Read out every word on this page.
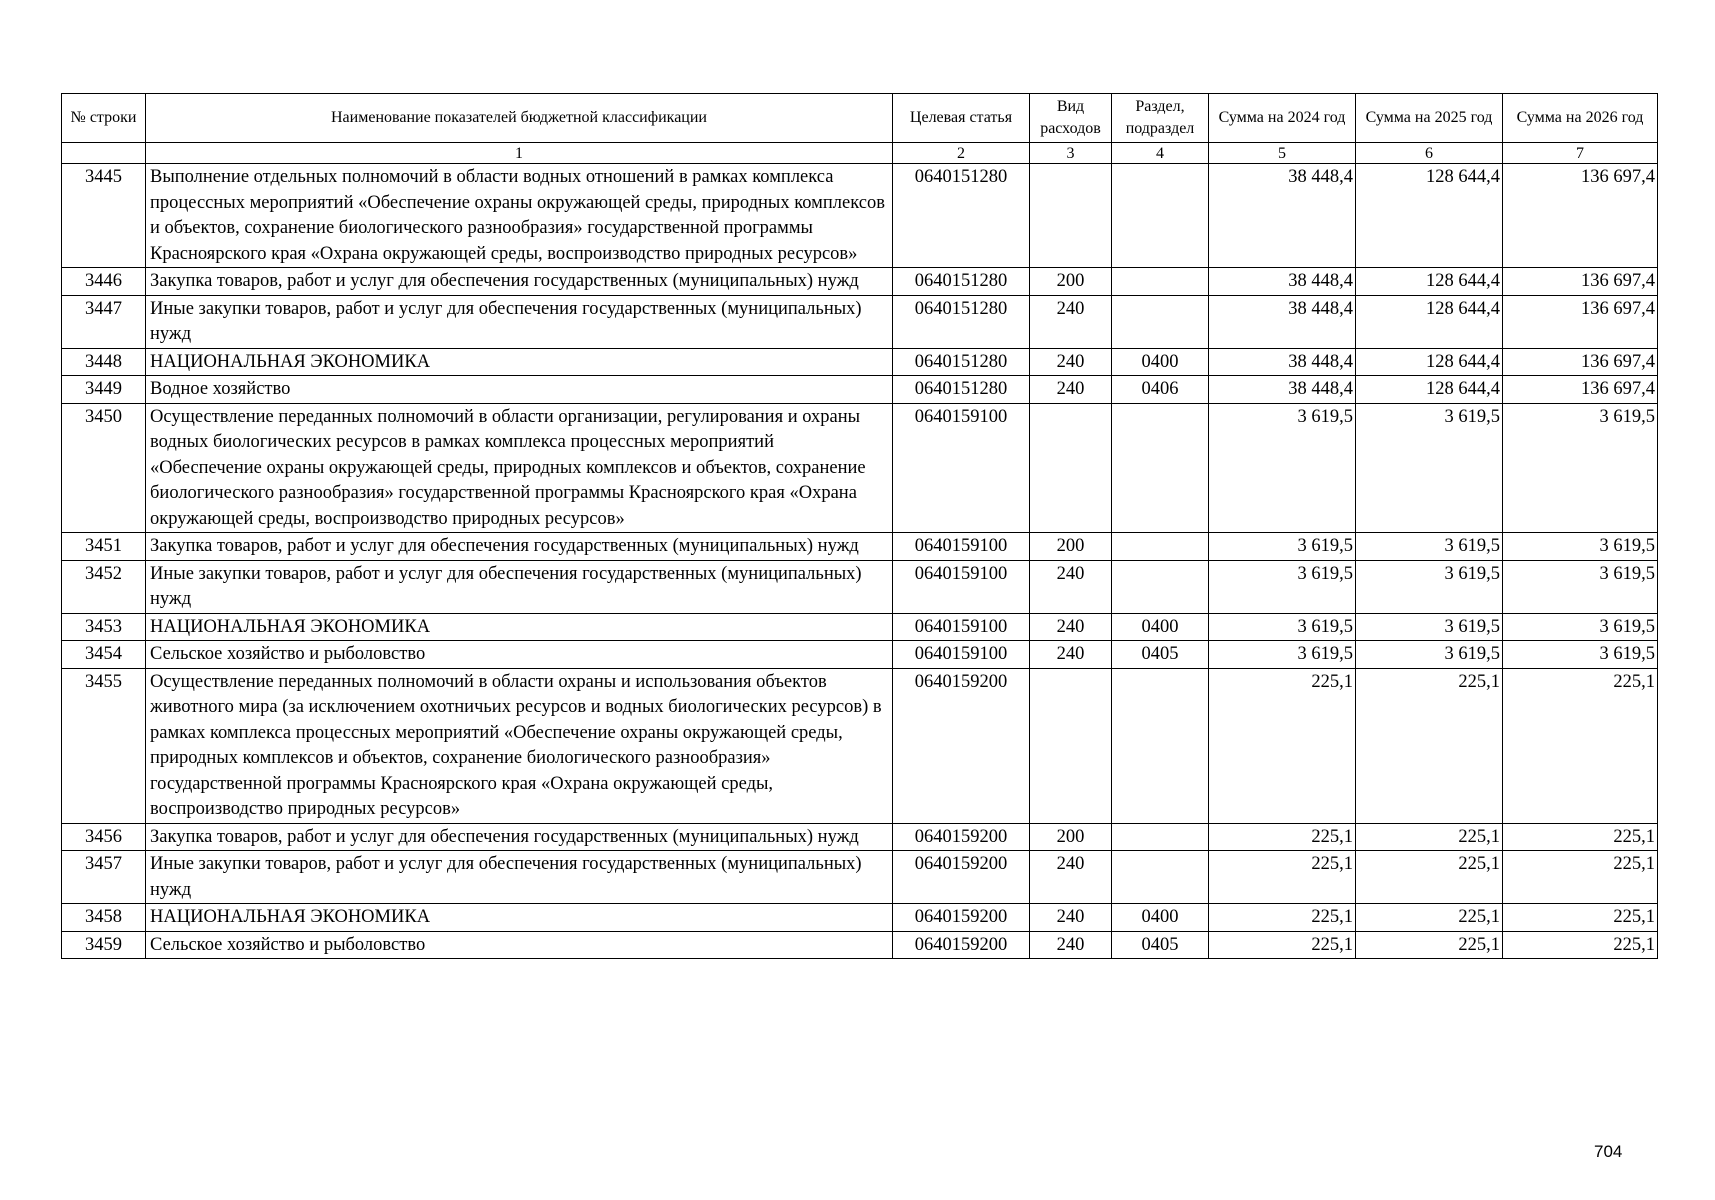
№ строки	Наименование показателей бюджетной классификации	Целевая статья	Вид расходов	Раздел, подраздел	Сумма на 2024 год	Сумма на 2025 год	Сумма на 2026 год
	1	2	3	4	5	6	7
3445	Выполнение отдельных полномочий в области водных отношений в рамках комплекса процессных мероприятий «Обеспечение охраны окружающей среды, природных комплексов и объектов, сохранение биологического разнообразия» государственной программы Красноярского края «Охрана окружающей среды, воспроизводство природных ресурсов»	0640151280			38 448,4	128 644,4	136 697,4
3446	Закупка товаров, работ и услуг для обеспечения государственных (муниципальных) нужд	0640151280	200		38 448,4	128 644,4	136 697,4
3447	Иные закупки товаров, работ и услуг для обеспечения государственных (муниципальных) нужд	0640151280	240		38 448,4	128 644,4	136 697,4
3448	НАЦИОНАЛЬНАЯ ЭКОНОМИКА	0640151280	240	0400	38 448,4	128 644,4	136 697,4
3449	Водное хозяйство	0640151280	240	0406	38 448,4	128 644,4	136 697,4
3450	Осуществление переданных полномочий в области организации, регулирования и охраны водных биологических ресурсов в рамках комплекса процессных мероприятий «Обеспечение охраны окружающей среды, природных комплексов и объектов, сохранение биологического разнообразия» государственной программы Красноярского края «Охрана окружающей среды, воспроизводство природных ресурсов»	0640159100			3 619,5	3 619,5	3 619,5
3451	Закупка товаров, работ и услуг для обеспечения государственных (муниципальных) нужд	0640159100	200		3 619,5	3 619,5	3 619,5
3452	Иные закупки товаров, работ и услуг для обеспечения государственных (муниципальных) нужд	0640159100	240		3 619,5	3 619,5	3 619,5
3453	НАЦИОНАЛЬНАЯ ЭКОНОМИКА	0640159100	240	0400	3 619,5	3 619,5	3 619,5
3454	Сельское хозяйство и рыболовство	0640159100	240	0405	3 619,5	3 619,5	3 619,5
3455	Осуществление переданных полномочий в области охраны и использования объектов животного мира (за исключением охотничьих ресурсов и водных биологических ресурсов) в рамках комплекса процессных мероприятий «Обеспечение охраны окружающей среды, природных комплексов и объектов, сохранение биологического разнообразия» государственной программы Красноярского края «Охрана окружающей среды, воспроизводство природных ресурсов»	0640159200			225,1	225,1	225,1
3456	Закупка товаров, работ и услуг для обеспечения государственных (муниципальных) нужд	0640159200	200		225,1	225,1	225,1
3457	Иные закупки товаров, работ и услуг для обеспечения государственных (муниципальных) нужд	0640159200	240		225,1	225,1	225,1
3458	НАЦИОНАЛЬНАЯ ЭКОНОМИКА	0640159200	240	0400	225,1	225,1	225,1
3459	Сельское хозяйство и рыболовство	0640159200	240	0405	225,1	225,1	225,1
704
